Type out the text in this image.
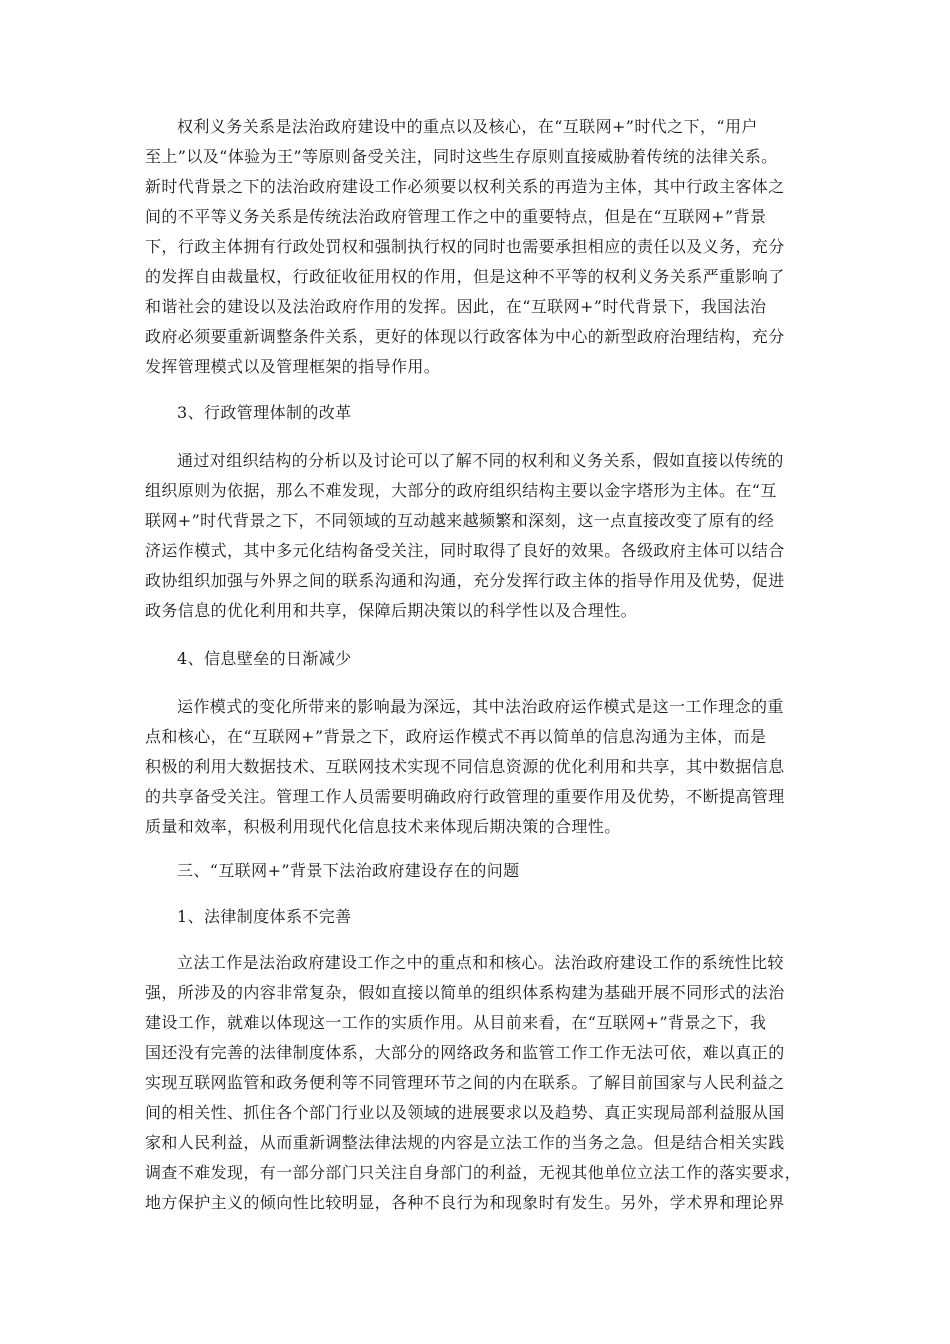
权利义务关系是法治政府建设中的重点以及核心，在“互联网+”时代之下，“用户
至上”以及“体验为王”等原则备受关注，同时这些生存原则直接威胁着传统的法律关系。
新时代背景之下的法治政府建设工作必须要以权利关系的再造为主体，其中行政主客体之
间的不平等义务关系是传统法治政府管理工作之中的重要特点，但是在“互联网+”背景
下，行政主体拥有行政处罚权和强制执行权的同时也需要承担相应的责任以及义务，充分
的发挥自由裁量权，行政征收征用权的作用，但是这种不平等的权利义务关系严重影响了
和谐社会的建设以及法治政府作用的发挥。因此，在“互联网+”时代背景下，我国法治
政府必须要重新调整条件关系，更好的体现以行政客体为中心的新型政府治理结构，充分
发挥管理模式以及管理框架的指导作用。
3、行政管理体制的改革
通过对组织结构的分析以及讨论可以了解不同的权利和义务关系，假如直接以传统的
组织原则为依据，那么不难发现，大部分的政府组织结构主要以金字塔形为主体。在“互
联网+”时代背景之下，不同领域的互动越来越频繁和深刻，这一点直接改变了原有的经
济运作模式，其中多元化结构备受关注，同时取得了良好的效果。各级政府主体可以结合
政协组织加强与外界之间的联系沟通和沟通，充分发挥行政主体的指导作用及优势，促进
政务信息的优化利用和共享，保障后期决策以的科学性以及合理性。
4、信息壁垒的日渐减少
运作模式的变化所带来的影响最为深远，其中法治政府运作模式是这一工作理念的重
点和核心，在“互联网+”背景之下，政府运作模式不再以简单的信息沟通为主体，而是
积极的利用大数据技术、互联网技术实现不同信息资源的优化利用和共享，其中数据信息
的共享备受关注。管理工作人员需要明确政府行政管理的重要作用及优势，不断提高管理
质量和效率，积极利用现代化信息技术来体现后期决策的合理性。
三、“互联网+”背景下法治政府建设存在的问题
1、法律制度体系不完善
立法工作是法治政府建设工作之中的重点和和核心。法治政府建设工作的系统性比较
强，所涉及的内容非常复杂，假如直接以简单的组织体系构建为基础开展不同形式的法治
建设工作，就难以体现这一工作的实质作用。从目前来看，在“互联网+”背景之下，我
国还没有完善的法律制度体系，大部分的网络政务和监管工作工作无法可依，难以真正的
实现互联网监管和政务便利等不同管理环节之间的内在联系。了解目前国家与人民利益之
间的相关性、抓住各个部门行业以及领域的进展要求以及趋势、真正实现局部利益服从国
家和人民利益，从而重新调整法律法规的内容是立法工作的当务之急。但是结合相关实践
调查不难发现，有一部分部门只关注自身部门的利益，无视其他单位立法工作的落实要求，
地方保护主义的倾向性比较明显，各种不良行为和现象时有发生。另外，学术界和理论界
